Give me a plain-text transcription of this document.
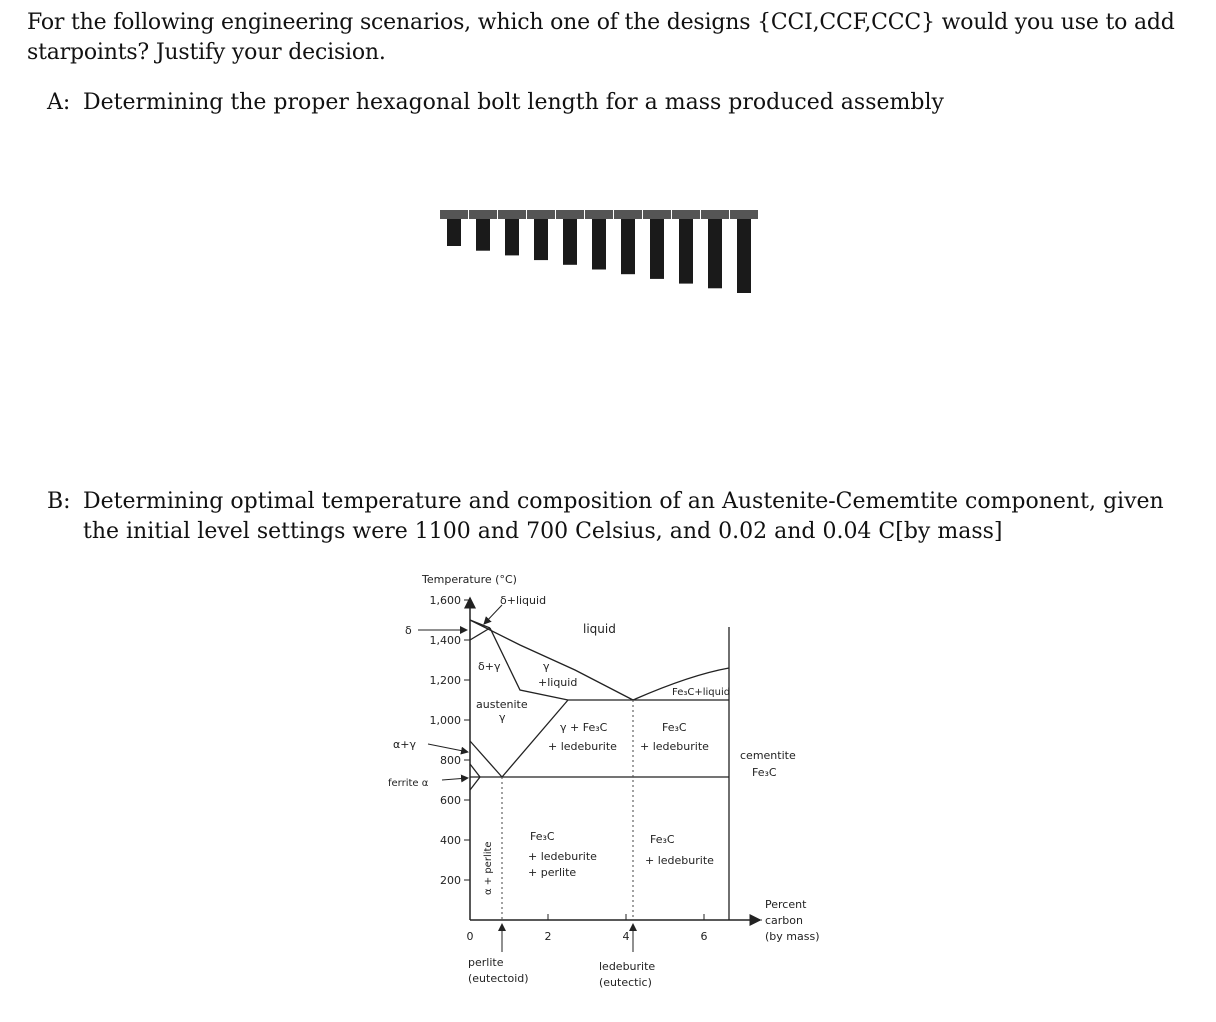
For the following engineering scenarios, which one of the designs {CCI,CCF,CCC} would you use to add

starpoints? Justify your decision.

A: Determining the proper hexagonal bolt length for a mass produced assembly
B: Determining optimal temperature and composition of an Austenite-Cememtite component, given
the initial level settings were 1100 and 700 Celsius, and 0.02 and 0.04 C[by mass]
1,600
1,400
1,200
1,000
800
600
400
200
0	2	4	6
Temperature (°C)
Percent
carbon
(by mass)
δ+liquid
liquid
δ
δ+γ	γ
+liquid
austenite
γ
Fe₃C+liquid
γ + Fe₃C
+ ledeburite
Fe₃C
+ ledeburite
α+γ
ferrite α
cementite
Fe₃C
α + perlite
Fe₃C
+ ledeburite
+ perlite
Fe₃C
+ ledeburite
perlite
(eutectoid)
ledeburite
(eutectic)
